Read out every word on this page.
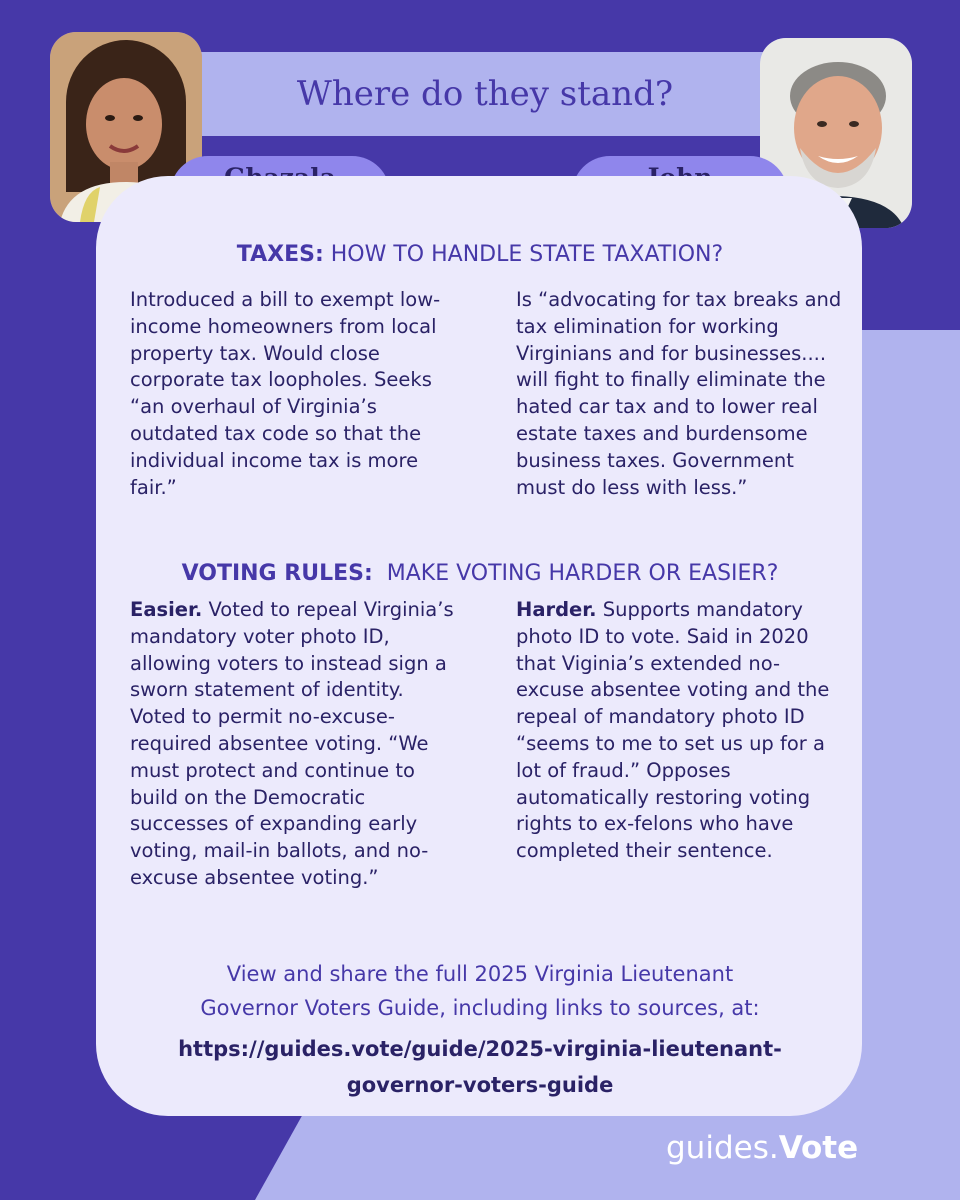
Where do they stand?
TAXES: HOW TO HANDLE STATE TAXATION?
Introduced a bill to exempt low-income homeowners from local property tax. Would close corporate tax loopholes. Seeks “an overhaul of Virginia’s outdated tax code so that the individual income tax is more fair.”
Is “advocating for tax breaks and tax elimination for working Virginians and for businesses.... will fight to finally eliminate the hated car tax and to lower real estate taxes and burdensome business taxes. Government must do less with less.”
VOTING RULES:  MAKE VOTING HARDER OR EASIER?
Easier. Voted to repeal Virginia’s mandatory voter photo ID, allowing voters to instead sign a sworn statement of identity. Voted to permit no-excuse-required absentee voting. “We must protect and continue to build on the Democratic successes of expanding early voting, mail-in ballots, and no-excuse absentee voting.”
Harder. Supports mandatory photo ID to vote. Said in 2020 that Viginia’s extended no-excuse absentee voting and the repeal of mandatory photo ID “seems to me to set us up for a lot of fraud.” Opposes automatically restoring voting rights to ex-felons who have completed their sentence.
View and share the full 2025 Virginia Lieutenant
Governor Voters Guide, including links to sources, at:
https://guides.vote/guide/2025-virginia-lieutenant-
governor-voters-guide
guides.Vote
